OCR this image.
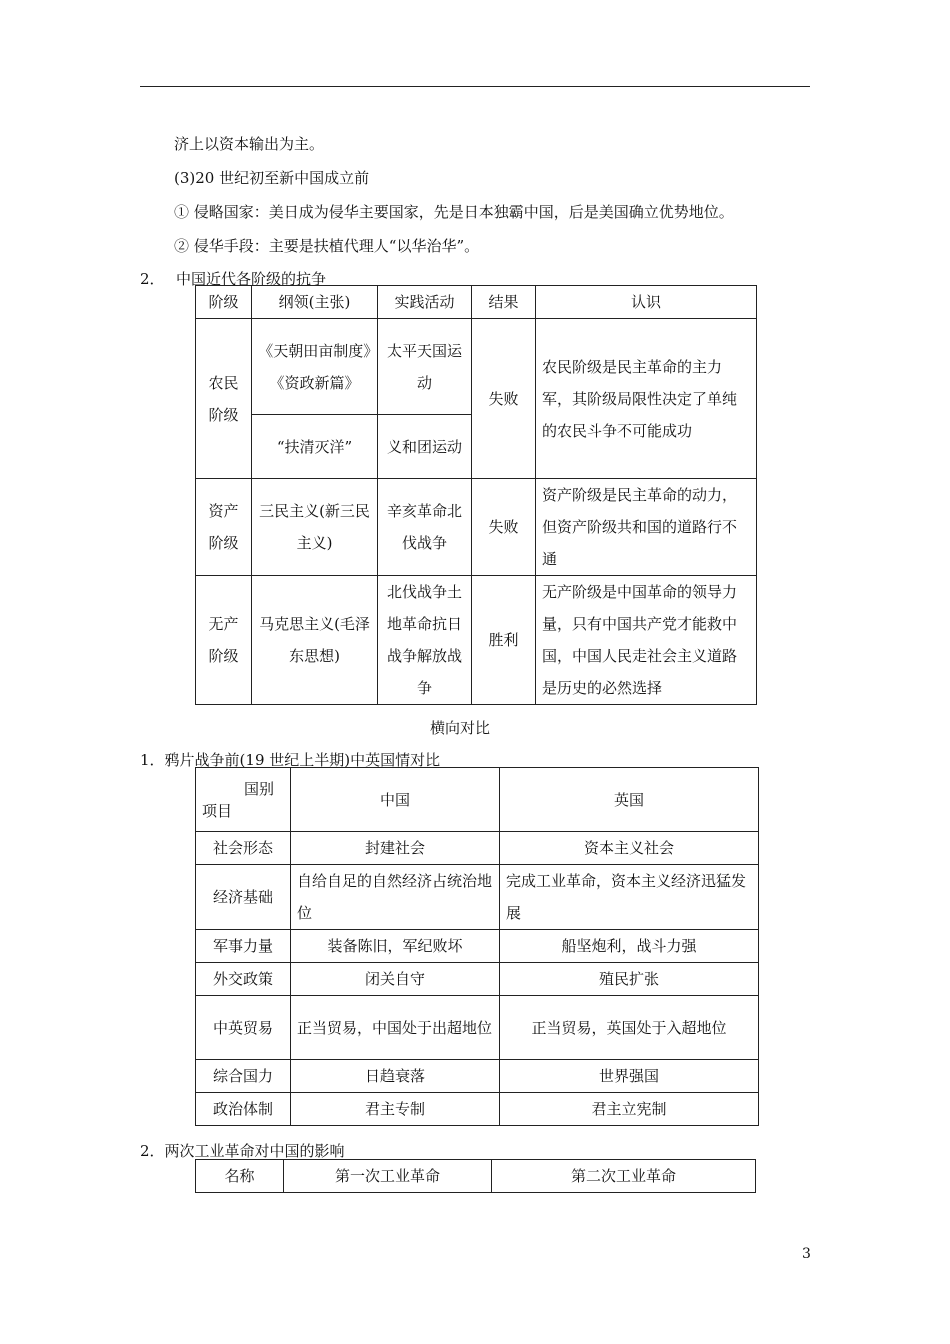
济上以资本输出为主。
(3)20 世纪初至新中国成立前
① 侵略国家：美日成为侵华主要国家，先是日本独霸中国，后是美国确立优势地位。
② 侵华手段：主要是扶植代理人“以华治华”。
2． 中国近代各阶级的抗争
阶级	纲领(主张)	实践活动	结果	认识
农民阶级	《天朝田亩制度》《资政新篇》	太平天国运动	失败	农民阶级是民主革命的主力军，其阶级局限性决定了单纯的农民斗争不可能成功
	“扶清灭洋”	义和团运动		
资产阶级	三民主义(新三民主义)	辛亥革命北伐战争	失败	资产阶级是民主革命的动力，但资产阶级共和国的道路行不通
无产阶级	马克思主义(毛泽东思想)	北伐战争土地革命抗日战争解放战争	胜利	无产阶级是中国革命的领导力量，只有中国共产党才能救中国，中国人民走社会主义道路是历史的必然选择
横向对比
1．鸦片战争前(19 世纪上半期)中英国情对比
国别
项目	中国	英国
社会形态	封建社会	资本主义社会
经济基础	自给自足的自然经济占统治地位	完成工业革命，资本主义经济迅猛发展
军事力量	装备陈旧，军纪败坏	船坚炮利，战斗力强
外交政策	闭关自守	殖民扩张
中英贸易	正当贸易，中国处于出超地位	正当贸易，英国处于入超地位
综合国力	日趋衰落	世界强国
政治体制	君主专制	君主立宪制
2．两次工业革命对中国的影响
名称	第一次工业革命	第二次工业革命
3
